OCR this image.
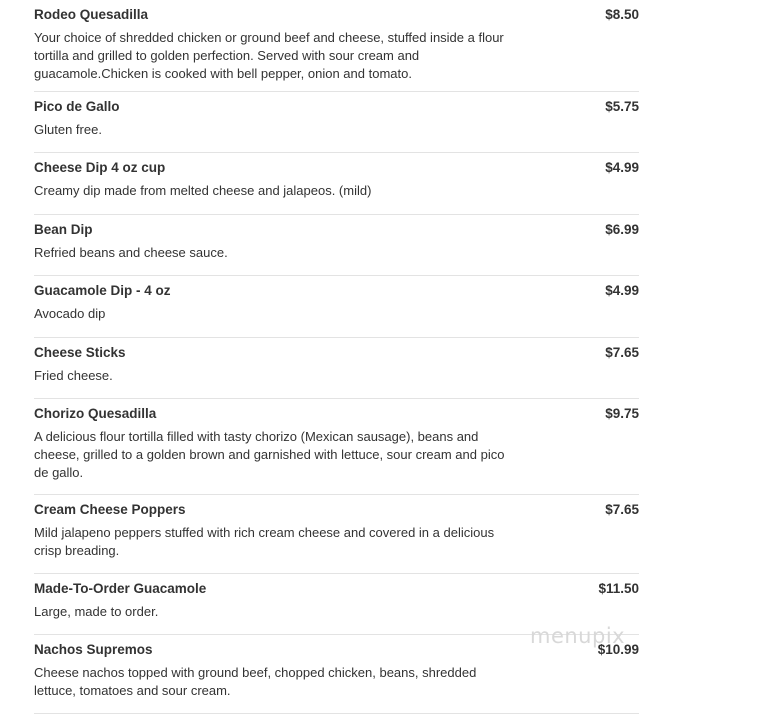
Rodeo Quesadilla	$8.50
Your choice of shredded chicken or ground beef and cheese, stuffed inside a flour tortilla and grilled to golden perfection. Served with sour cream and guacamole.Chicken is cooked with bell pepper, onion and tomato.
Pico de Gallo	$5.75
Gluten free.
Cheese Dip 4 oz cup	$4.99
Creamy dip made from melted cheese and jalapeos. (mild)
Bean Dip	$6.99
Refried beans and cheese sauce.
Guacamole Dip - 4 oz	$4.99
Avocado dip
Cheese Sticks	$7.65
Fried cheese.
Chorizo Quesadilla	$9.75
A delicious flour tortilla filled with tasty chorizo (Mexican sausage), beans and cheese, grilled to a golden brown and garnished with lettuce, sour cream and pico de gallo.
Cream Cheese Poppers	$7.65
Mild jalapeno peppers stuffed with rich cream cheese and covered in a delicious crisp breading.
Made-To-Order Guacamole	$11.50
Large, made to order.
Nachos Supremos	$10.99
Cheese nachos topped with ground beef, chopped chicken, beans, shredded lettuce, tomatoes and sour cream.
menupix
